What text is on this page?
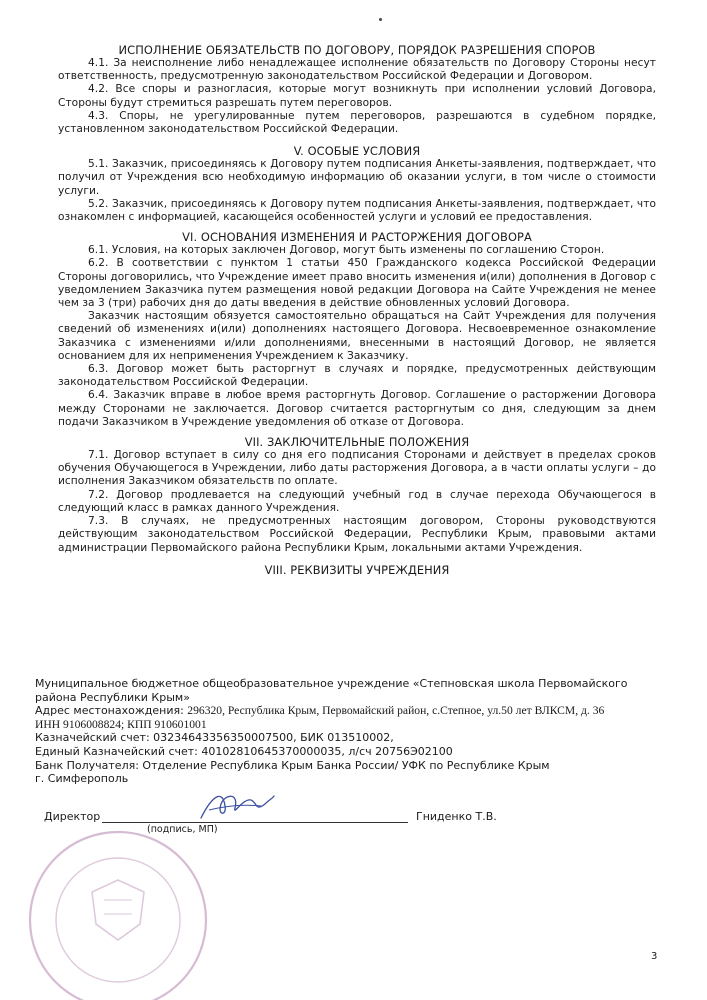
ИСПОЛНЕНИЕ ОБЯЗАТЕЛЬСТВ ПО ДОГОВОРУ, ПОРЯДОК РАЗРЕШЕНИЯ СПОРОВ

4.1. За неисполнение либо ненадлежащее исполнение обязательств по Договору Стороны несут ответственность, предусмотренную законодательством Российской Федерации и Договором.

4.2. Все споры и разногласия, которые могут возникнуть при исполнении условий Договора, Стороны будут стремиться разрешать путем переговоров.

4.3. Споры, не урегулированные путем переговоров, разрешаются в судебном порядке, установленном законодательством Российской Федерации.

V. ОСОБЫЕ УСЛОВИЯ

5.1. Заказчик, присоединяясь к Договору путем подписания Анкеты-заявления, подтверждает, что получил от Учреждения всю необходимую информацию об оказании услуги, в том числе о стоимости услуги.

5.2. Заказчик, присоединяясь к Договору путем подписания Анкеты-заявления, подтверждает, что ознакомлен с информацией, касающейся особенностей услуги и условий ее предоставления.

VI. ОСНОВАНИЯ ИЗМЕНЕНИЯ И РАСТОРЖЕНИЯ ДОГОВОРА

6.1. Условия, на которых заключен Договор, могут быть изменены по соглашению Сторон.

6.2. В соответствии с пунктом 1 статьи 450 Гражданского кодекса Российской Федерации Стороны договорились, что Учреждение имеет право вносить изменения и(или) дополнения в Договор с уведомлением Заказчика путем размещения новой редакции Договора на Сайте Учреждения не менее чем за 3 (три) рабочих дня до даты введения в действие обновленных условий Договора.

Заказчик настоящим обязуется самостоятельно обращаться на Сайт Учреждения для получения сведений об изменениях и(или) дополнениях настоящего Договора. Несвоевременное ознакомление Заказчика с изменениями и/или дополнениями, внесенными в настоящий Договор, не является основанием для их неприменения Учреждением к Заказчику.

6.3. Договор может быть расторгнут в случаях и порядке, предусмотренных действующим законодательством Российской Федерации.

6.4. Заказчик вправе в любое время расторгнуть Договор. Соглашение о расторжении Договора между Сторонами не заключается. Договор считается расторгнутым со дня, следующим за днем подачи Заказчиком в Учреждение уведомления об отказе от Договора.

VII. ЗАКЛЮЧИТЕЛЬНЫЕ ПОЛОЖЕНИЯ

7.1. Договор вступает в силу со дня его подписания Сторонами и действует в пределах сроков обучения Обучающегося в Учреждении, либо даты расторжения Договора, а в части оплаты услуги – до исполнения Заказчиком обязательств по оплате.

7.2. Договор продлевается на следующий учебный год в случае перехода Обучающегося в следующий класс в рамках данного Учреждения.

7.3. В случаях, не предусмотренных настоящим договором, Стороны руководствуются действующим законодательством Российской Федерации, Республики Крым, правовыми актами администрации Первомайского района Республики Крым, локальными актами Учреждения.

VIII. РЕКВИЗИТЫ УЧРЕЖДЕНИЯ

Муниципальное бюджетное общеобразовательное учреждение «Степновская школа Первомайского района Республики Крым»

Адрес местонахождения: 296320, Республика Крым, Первомайский район, с.Степное, ул.50 лет ВЛКСМ, д. 36

ИНН 9106008824; КПП 910601001

Казначейский счет: 03234643356350007500, БИК 013510002,

Единый Казначейский счет: 40102810645370000035, л/сч 20756Э02100

Банк Получателя: Отделение Республика Крым Банка России/ УФК по Республике Крым

г. Симферополь

Директор	Гниденко Т.В.
(подпись, МП)
3
